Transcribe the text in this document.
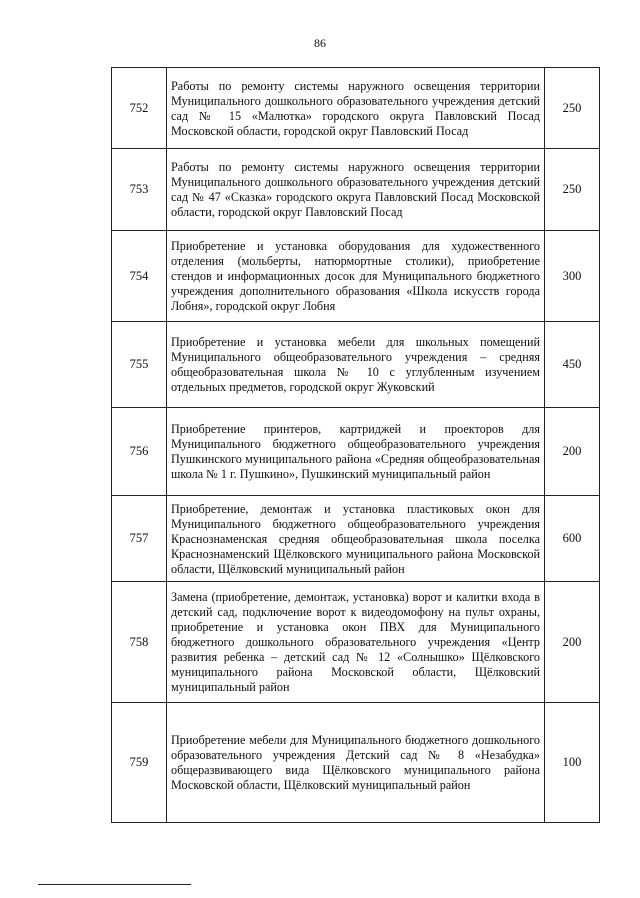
86
752	Работы по ремонту системы наружного освещения территории Муниципального дошкольного образовательного учреждения детский сад № 15 «Малютка» городского округа Павловский Посад Московской области, городской округ Павловский Посад	250
753	Работы по ремонту системы наружного освещения территории Муниципального дошкольного образовательного учреждения детский сад № 47 «Сказка» городского округа Павловский Посад Московской области, городской округ Павловский Посад	250
754	Приобретение и установка оборудования для художественного отделения (мольберты, натюрмортные столики), приобретение стендов и информационных досок для Муниципального бюджетного учреждения дополнительного образования «Школа искусств города Лобня», городской округ Лобня	300
755	Приобретение и установка мебели для школьных помещений Муниципального общеобразовательного учреждения – средняя общеобразовательная школа № 10 с углубленным изучением отдельных предметов, городской округ Жуковский	450
756	Приобретение принтеров, картриджей и проекторов для Муниципального бюджетного общеобразовательного учреждения Пушкинского муниципального района «Средняя общеобразовательная школа № 1 г. Пушкино», Пушкинский муниципальный район	200
757	Приобретение, демонтаж и установка пластиковых окон для Муниципального бюджетного общеобразовательного учреждения Краснознаменская средняя общеобразовательная школа поселка Краснознаменский Щёлковского муниципального района Московской области, Щёлковский муниципальный район	600
758	Замена (приобретение, демонтаж, установка) ворот и калитки входа в детский сад, подключение ворот к видеодомофону на пульт охраны, приобретение и установка окон ПВХ для Муниципального бюджетного дошкольного образовательного учреждения «Центр развития ребенка – детский сад № 12 «Солнышко» Щёлковского муниципального района Московской области, Щёлковский муниципальный район	200
759	Приобретение мебели для Муниципального бюджетного дошкольного образовательного учреждения Детский сад № 8 «Незабудка» общеразвивающего вида Щёлковского муниципального района Московской области, Щёлковский муниципальный район	100
